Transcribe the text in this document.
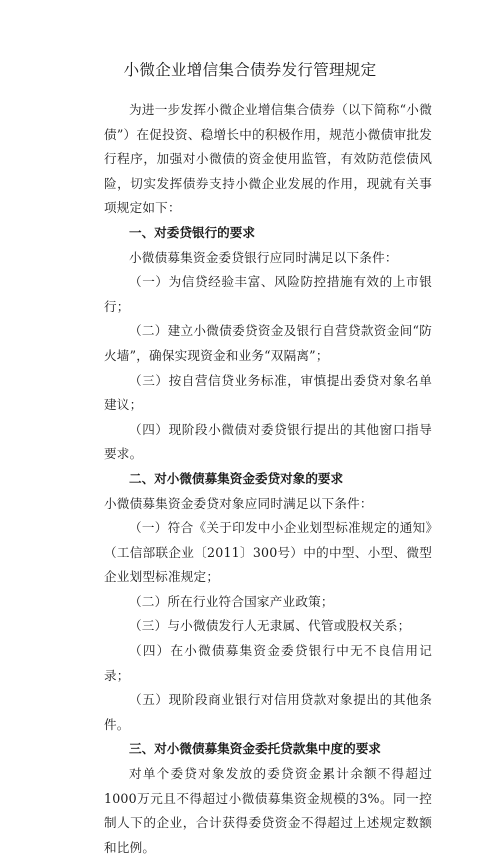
小微企业增信集合债券发行管理规定

为进一步发挥小微企业增信集合债券（以下简称“小微债”）在促投资、稳增长中的积极作用，规范小微债审批发行程序，加强对小微债的资金使用监管，有效防范偿债风险，切实发挥债券支持小微企业发展的作用，现就有关事项规定如下：

一、对委贷银行的要求

小微债募集资金委贷银行应同时满足以下条件：

（一）为信贷经验丰富、风险防控措施有效的上市银行；

（二）建立小微债委贷资金及银行自营贷款资金间“防火墙”，确保实现资金和业务“双隔离”；

（三）按自营信贷业务标准，审慎提出委贷对象名单建议；

（四）现阶段小微债对委贷银行提出的其他窗口指导要求。

二、对小微债募集资金委贷对象的要求

小微债募集资金委贷对象应同时满足以下条件：

（一）符合《关于印发中小企业划型标准规定的通知》（工信部联企业〔2011〕300号）中的中型、小型、微型企业划型标准规定；

（二）所在行业符合国家产业政策；

（三）与小微债发行人无隶属、代管或股权关系；

（四）在小微债募集资金委贷银行中无不良信用记录；

（五）现阶段商业银行对信用贷款对象提出的其他条件。

三、对小微债募集资金委托贷款集中度的要求

对单个委贷对象发放的委贷资金累计余额不得超过1000万元且不得超过小微债募集资金规模的3%。同一控制人下的企业，合计获得委贷资金不得超过上述规定数额和比例。
